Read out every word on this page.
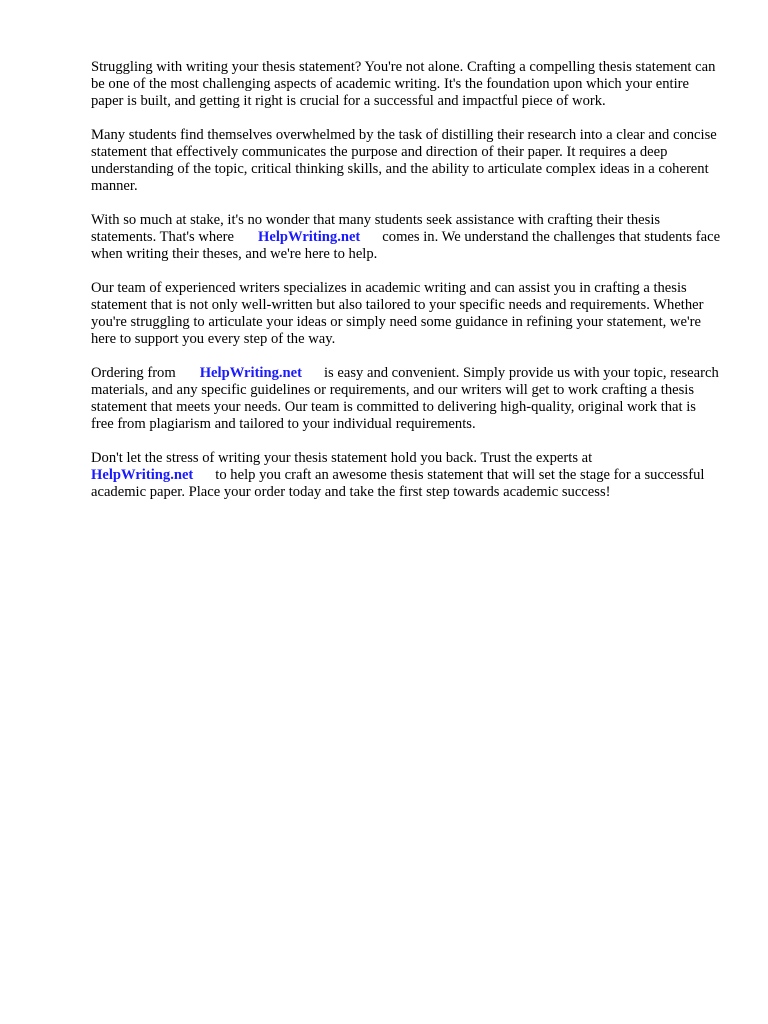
Struggling with writing your thesis statement? You're not alone. Crafting a compelling thesis statement can be one of the most challenging aspects of academic writing. It's the foundation upon which your entire paper is built, and getting it right is crucial for a successful and impactful piece of work.

Many students find themselves overwhelmed by the task of distilling their research into a clear and concise statement that effectively communicates the purpose and direction of their paper. It requires a deep understanding of the topic, critical thinking skills, and the ability to articulate complex ideas in a coherent manner.

With so much at stake, it's no wonder that many students seek assistance with crafting their thesis statements. That's where HelpWriting.net comes in. We understand the challenges that students face when writing their theses, and we're here to help.

Our team of experienced writers specializes in academic writing and can assist you in crafting a thesis statement that is not only well-written but also tailored to your specific needs and requirements. Whether you're struggling to articulate your ideas or simply need some guidance in refining your statement, we're here to support you every step of the way.

Ordering from HelpWriting.net is easy and convenient. Simply provide us with your topic, research materials, and any specific guidelines or requirements, and our writers will get to work crafting a thesis statement that meets your needs. Our team is committed to delivering high-quality, original work that is free from plagiarism and tailored to your individual requirements.

Don't let the stress of writing your thesis statement hold you back. Trust the experts at HelpWriting.net to help you craft an awesome thesis statement that will set the stage for a successful academic paper. Place your order today and take the first step towards academic success!
